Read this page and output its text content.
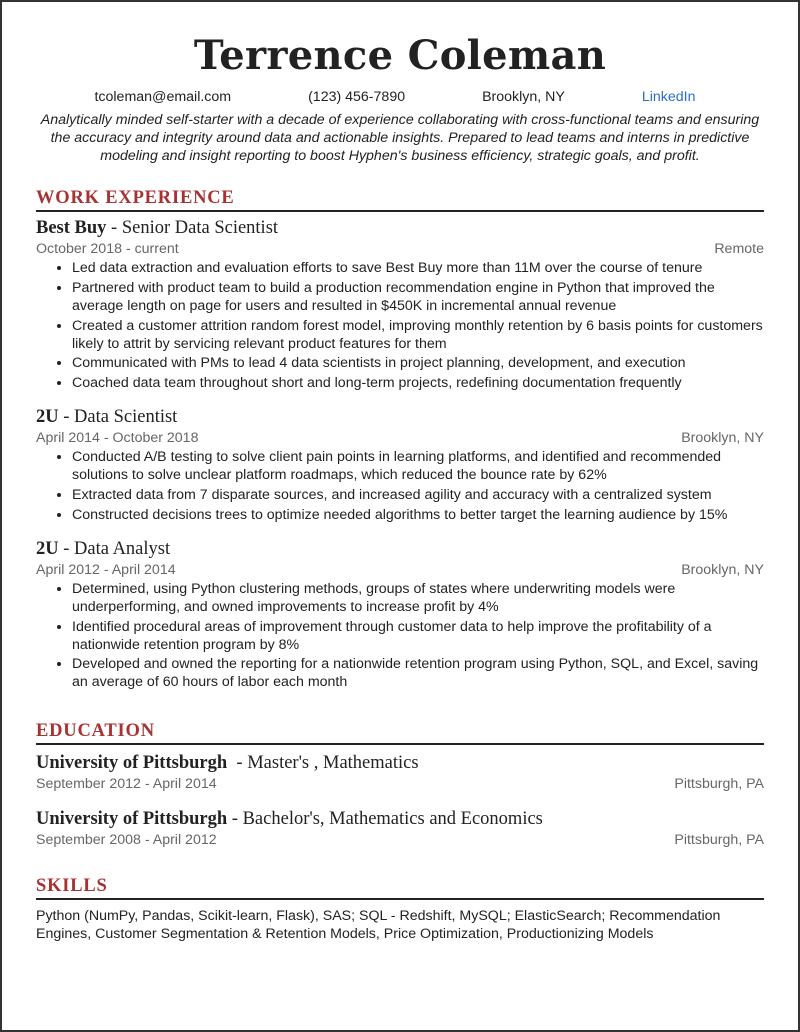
Terrence Coleman
tcoleman@email.com	(123) 456-7890	Brooklyn, NY	LinkedIn

Analytically minded self-starter with a decade of experience collaborating with cross-functional teams and ensuring the accuracy and integrity around data and actionable insights. Prepared to lead teams and interns in predictive modeling and insight reporting to boost Hyphen's business efficiency, strategic goals, and profit.

WORK EXPERIENCE
Best Buy - Senior Data Scientist
October 2018 - current	Remote
• Led data extraction and evaluation efforts to save Best Buy more than 11M over the course of tenure
• Partnered with product team to build a production recommendation engine in Python that improved the average length on page for users and resulted in $450K in incremental annual revenue
• Created a customer attrition random forest model, improving monthly retention by 6 basis points for customers likely to attrit by servicing relevant product features for them
• Communicated with PMs to lead 4 data scientists in project planning, development, and execution
• Coached data team throughout short and long-term projects, redefining documentation frequently
2U - Data Scientist
April 2014 - October 2018	Brooklyn, NY
• Conducted A/B testing to solve client pain points in learning platforms, and identified and recommended solutions to solve unclear platform roadmaps, which reduced the bounce rate by 62%
• Extracted data from 7 disparate sources, and increased agility and accuracy with a centralized system
• Constructed decisions trees to optimize needed algorithms to better target the learning audience by 15%
2U - Data Analyst
April 2012 - April 2014	Brooklyn, NY
• Determined, using Python clustering methods, groups of states where underwriting models were underperforming, and owned improvements to increase profit by 4%
• Identified procedural areas of improvement through customer data to help improve the profitability of a nationwide retention program by 8%
• Developed and owned the reporting for a nationwide retention program using Python, SQL, and Excel, saving an average of 60 hours of labor each month
EDUCATION
University of Pittsburgh  - Master's , Mathematics
September 2012 - April 2014	Pittsburgh, PA
University of Pittsburgh - Bachelor's, Mathematics and Economics
September 2008 - April 2012	Pittsburgh, PA
SKILLS

Python (NumPy, Pandas, Scikit-learn, Flask), SAS; SQL - Redshift, MySQL; ElasticSearch; Recommendation Engines, Customer Segmentation & Retention Models, Price Optimization, Productionizing Models
